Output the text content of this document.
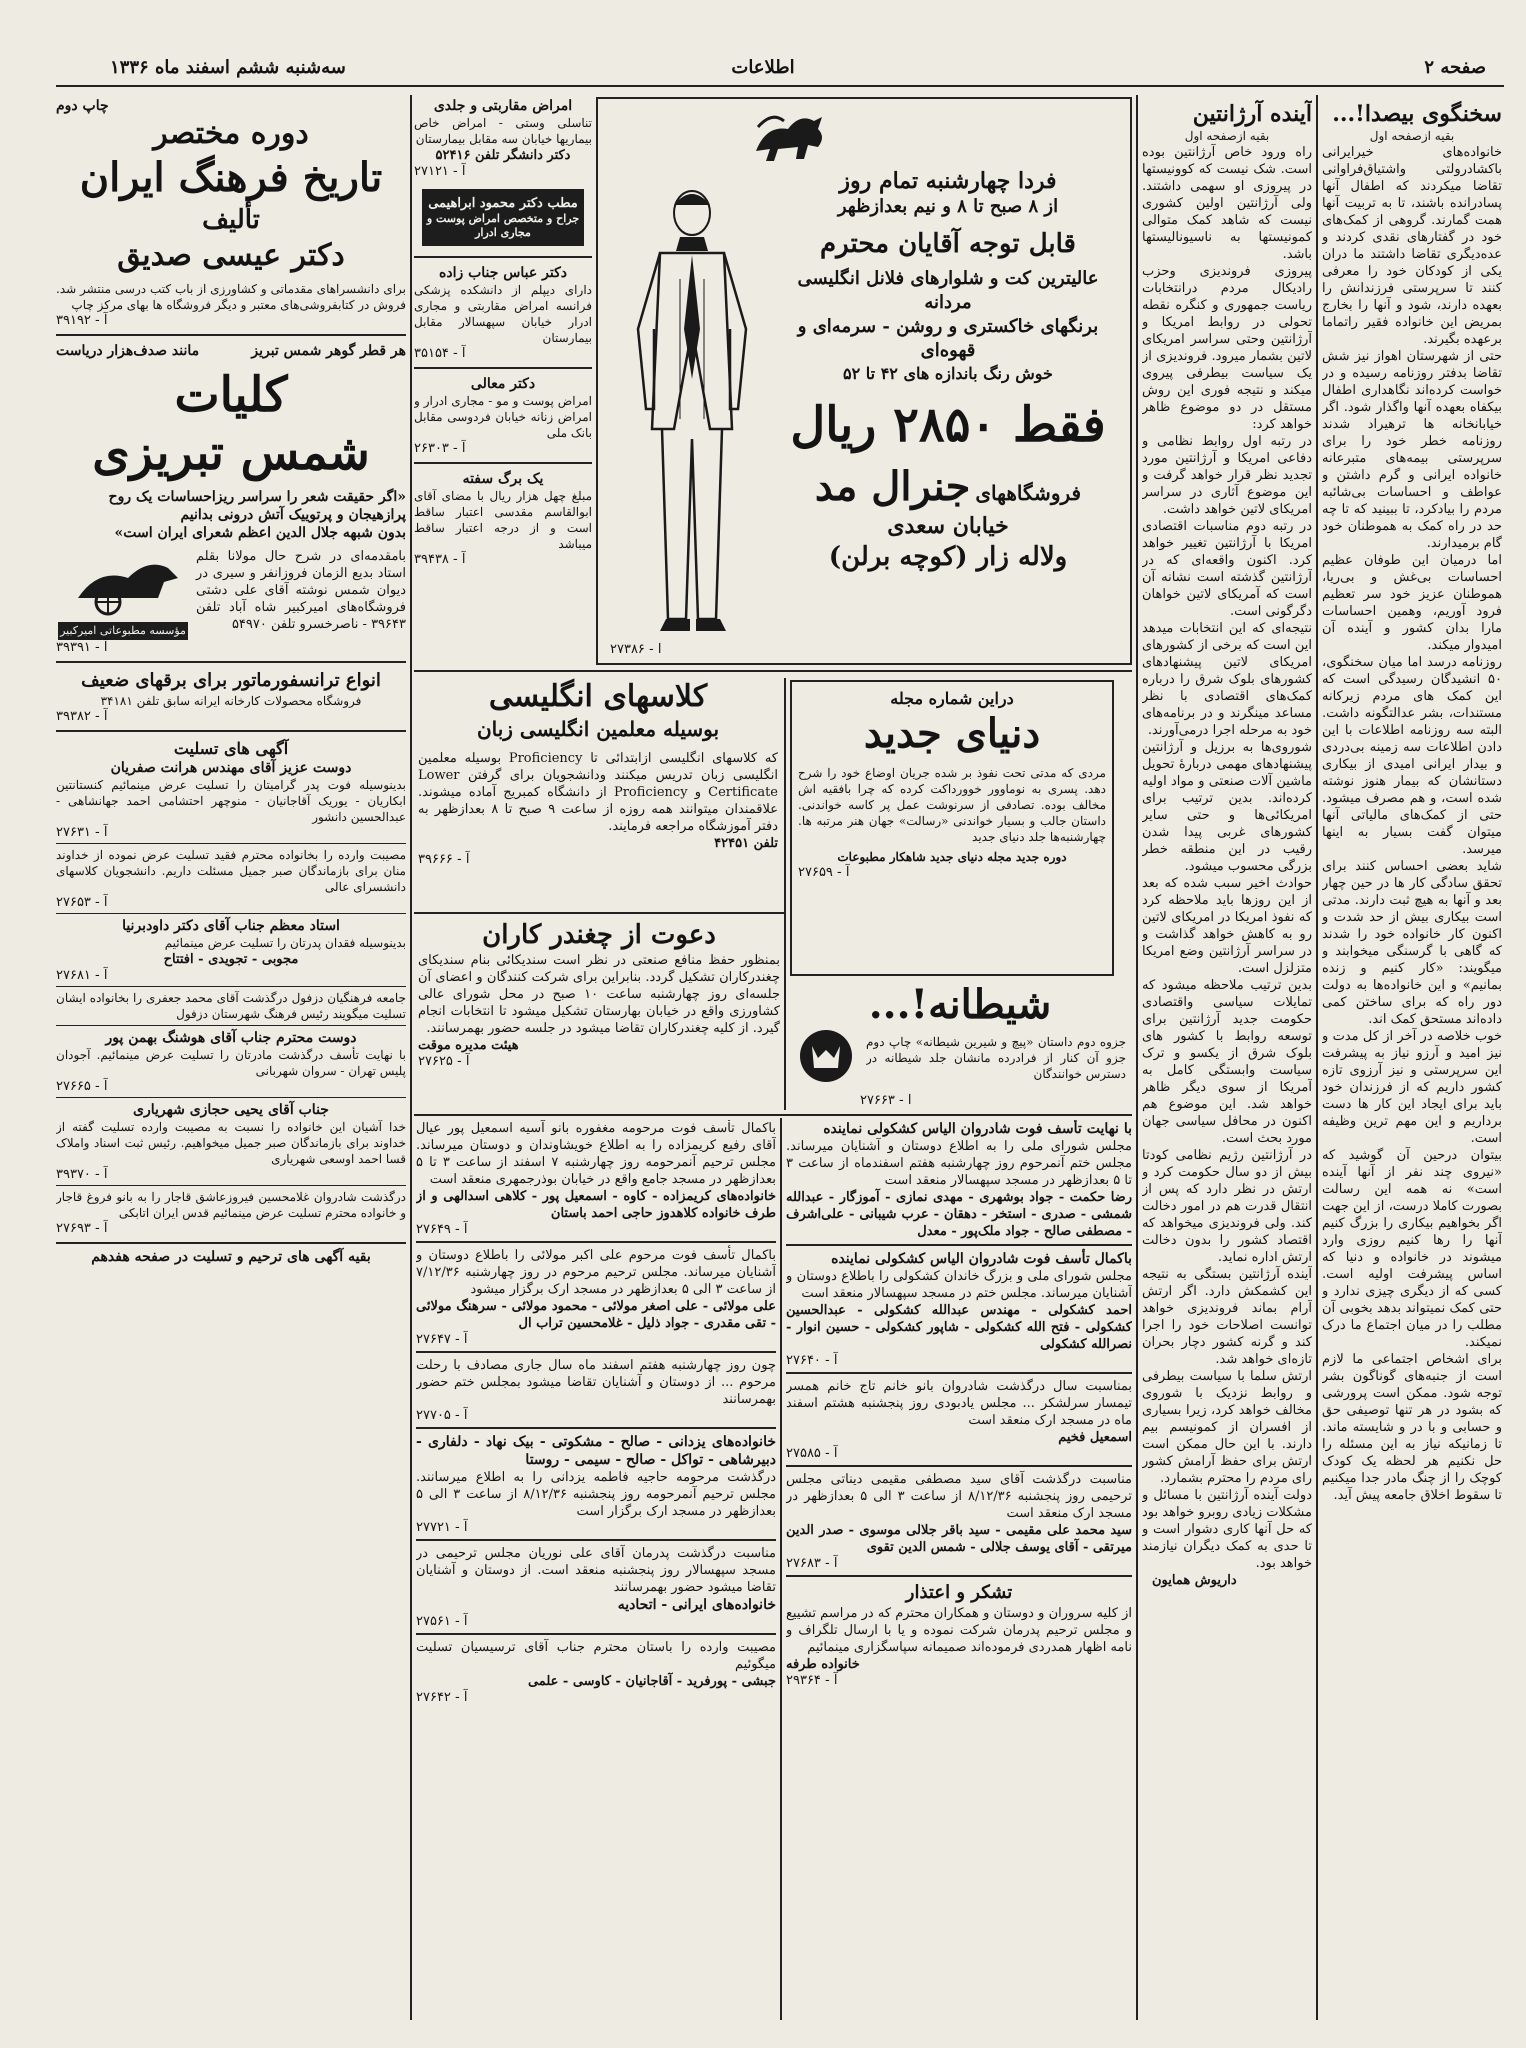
صفحه ۲
اطلاعات
سه‌شنبه ششم اسفند ماه ۱۳۳۶
سخنگوی بیصدا!...
بقیه ازصفحه اول
خانواده‌های خیرایرانی باکشادرولتی واشتیاق‌فراوانی تقاضا میکردند که اطفال آنها پسادرانده باشند، تا به تربیت آنها همت گمارند. گروهی از کمک‌های خود در گفتارهای نقدی کردند و عده‌دیگری تقاضا داشتند ما دران یکی از کودکان خود را معرفی کنند تا سرپرستی فرزندانش را بعهده دارند، شود و آنها را بخارج بمریض این خانواده فقیر راتماما برعهده بگیرند.
حتی از شهرستان اهواز نیز شش تقاضا بدفتر روزنامه رسیده و در خواست کرده‌اند نگاهداری اطفال بیکفاه بعهده آنها واگذار شود. اگر خیابانخانه ها ترهیراد شدند روزنامه خطر خود را برای سرپرستی بیمه‌های متبرعانه خانواده ایرانی و گرم داشتن و عواطف و احساسات بی‌شائبه مردم را بیادکرد، تا ببینید که تا چه حد در راه کمک به هموطنان خود گام برمیدارند.
اما درمیان این طوفان عظیم احساسات بی‌غش و بی‌ریا، هموطنان عزیز خود سر تعظیم فرود آوریم، وهمین احساسات مارا بدان کشور و آینده آن امیدوار میکند.
روزنامه درسد اما میان سخنگوی، ۵۰ انشیدگان رسیدگی است که این کمک های مردم زیرکانه مستندات، بشر عدالتگونه داشت. البته سه روزنامه اطلاعات با این دادن اطلاعات سه زمینه بی‌دردی و بیدار ایرانی امیدی از بیکاری دستانشان که بیمار هنوز نوشته شده است، و هم مصرف میشود. حتی از کمک‌های مالیاتی آنها میتوان گفت بسیار به اینها میرسد.
شاید بعضی احساس کنند برای تحقق سادگی کار ها در حین چهار بعد و آنها به هیچ ثبت دارند. مدتی است بیکاری بیش از حد شدت و اکنون کار خانواده خود را شدند که گاهی با گرسنگی میخوابند و میگویند: «کار کنیم و زنده بمانیم» و این خانواده‌ها به دولت دور راه که برای ساختن کمی داده‌اند مستحق کمک اند.
خوب خلاصه در آخر از کل مدت و نیز امید و آرزو نیاز به پیشرفت این سرپرستی و نیز آرزوی تازه کشور داریم که از فرزندان خود باید برای ایجاد این کار ها دست برداریم و این مهم ترین وظیفه است.
بیتوان درحین آن گوشید که «نیروی چند نفر از آنها آینده است» نه همه این رسالت بصورت کاملا درست، از این جهت اگر بخواهیم بیکاری را بزرگ کنیم آنها را رها کنیم روزی وارد میشوند در خانواده و دنیا که اساس پیشرفت اولیه است. کسی که از دیگری چیزی ندارد و حتی کمک نمیتواند بدهد بخوبی آن مطلب را در میان اجتماع ما درک نمیکند.
برای اشخاص اجتماعی ما لازم است از جنبه‌های گوناگون بشر توجه شود. ممکن است پرورشی که بشود در هر تنها توصیفی حق و حسابی و با در و شایسته ماند. تا زمانیکه نیاز به این مسئله را حل نکنیم هر لحظه یک کودک کوچک را از چنگ مادر جدا میکنیم تا سقوط اخلاق جامعه پیش آید.
آینده آرژانتین
بقیه ازصفحه اول
راه ورود خاص آرژانتین بوده است. شک نیست که کوونیستها در پیروزی او سهمی داشتند. ولی آرژانتین اولین کشوری نیست که شاهد کمک متوالی کمونیستها به ناسیونالیستها باشد.
پیروزی فروندیزی وحزب رادیکال مردم درانتخابات ریاست جمهوری و کنگره نقطه تحولی در روابط امریکا و آرژانتین وحتی سراسر امریکای لاتین بشمار میرود. فروندیزی از یک سیاست بیطرفی پیروی میکند و نتیجه فوری این روش مستقل در دو موضوع ظاهر خواهد کرد:
در رتبه اول روابط نظامی و دفاعی امریکا و آرژانتین مورد تجدید نظر قرار خواهد گرفت و این موضوع آثاری در سراسر امریکای لاتین خواهد داشت.
در رتبه دوم مناسبات اقتصادی امریکا با آرژانتین تغییر خواهد کرد. اکنون واقعه‌ای که در آرژانتین گذشته است نشانه آن است که آمریکای لاتین خواهان دگرگونی است.
نتیجه‌ای که این انتخابات میدهد این است که برخی از کشورهای امریکای لاتین پیشنهادهای کشورهای بلوک شرق را درباره کمک‌های اقتصادی با نظر مساعد مینگرند و در برنامه‌های خود به مرحله اجرا درمی‌آورند.
شوروی‌ها به برزیل و آرژانتین پیشنهادهای مهمی دربارهٔ تحویل ماشین آلات صنعتی و مواد اولیه کرده‌اند. بدین ترتیب برای امریکائی‌ها و حتی سایر کشورهای غربی پیدا شدن رقیب در این منطقه خطر بزرگی محسوب میشود.
حوادث اخیر سبب شده که بعد از این روزها باید ملاحظه کرد که نفوذ امریکا در امریکای لاتین رو به کاهش خواهد گذاشت و در سراسر آرژانتین وضع امریکا متزلزل است.
بدین ترتیب ملاحظه میشود که تمایلات سیاسی واقتصادی حکومت جدید آرژانتین برای توسعه روابط با کشور های بلوک شرق از یکسو و ترک سیاست وابستگی کامل به آمریکا از سوی دیگر ظاهر خواهد شد. این موضوع هم اکنون در محافل سیاسی جهان مورد بحث است.
در آرژانتین رژیم نظامی کودتا بیش از دو سال حکومت کرد و ارتش در نظر دارد که پس از انتقال قدرت هم در امور دخالت کند. ولی فروندیزی میخواهد که اقتصاد کشور را بدون دخالت ارتش اداره نماید.
آینده آرژانتین بستگی به نتیجه این کشمکش دارد. اگر ارتش آرام بماند فروندیزی خواهد توانست اصلاحات خود را اجرا کند و گرنه کشور دچار بحران تازه‌ای خواهد شد.
ارتش سلما با سیاست بیطرفی و روابط نزدیک با شوروی مخالف خواهد کرد، زیرا بسیاری از افسران از کمونیسم بیم دارند. با این حال ممکن است ارتش برای حفظ آرامش کشور رای مردم را محترم بشمارد.
دولت آینده آرژانتین با مسائل و مشکلات زیادی روبرو خواهد بود که حل آنها کاری دشوار است و تا حدی به کمک دیگران نیازمند خواهد بود.
داریوش همایون
فردا چهارشنبه تمام روز
از ۸ صبح تا ۸ و نیم بعدازظهر
قابل توجه آقایان محترم
عالیترین کت و شلوارهای فلانل انگلیسی مردانه
برنگهای خاکستری و روشن - سرمه‌ای و قهوه‌ای
خوش رنگ باندازه های ۴۲ تا ۵۲
فقط ۲۸۵۰ ریال
فروشگاههای جنرال مد
خیابان سعدی
ولاله زار (کوچه برلن)
آ - ۲۷۳۸۶
امراض مقاربتی و جلدی
تناسلی وستی - امراض خاص بیماریها خیابان سه مقابل بیمارستان
دکتر دانشگر تلفن ۵۲۴۱۶
آ - ۲۷۱۲۱
مطب دکتر محمود ابراهیمی
جراح و متخصص امراض پوست و مجاری ادرار
دکتر عباس جناب زاده
دارای دیپلم از دانشکده پزشکی فرانسه امراض مقاربتی و مجاری ادرار خیابان سپهسالار مقابل بیمارستان
آ - ۳۵۱۵۴
دکتر معالی
امراض پوست و مو - مجاری ادرار و امراض زنانه خیابان فردوسی مقابل بانک ملی
آ - ۲۶۳۰۳
یک برگ سفته
مبلغ چهل هزار ریال با مضای آقای ابوالقاسم مقدسی اعتبار ساقط است و از درجه اعتبار ساقط میباشد
آ - ۳۹۴۳۸
دراین شماره مجله
دنیای جدید
مردی که مدتی تحت نفوذ بر شده جریان اوضاع خود را شرح دهد. پسری به نوماوور خوورداکت کرده که چرا بافقیه اش مخالف بوده. تصادفی از سرنوشت عمل پر کاسه خواندنی. داستان جالب و بسیار خواندنی «رسالت» جهان هنر مرتبه ها. چهارشنبه‌ها جلد دنیای جدید
دوره جدید مجله دنیای جدید شاهکار مطبوعات
آ - ۲۷۶۵۹
کلاسهای انگلیسی
بوسیله معلمین انگلیسی زبان
که کلاسهای انگلیسی ازابتدائی تا Proficiency بوسیله معلمین انگلیسی زبان تدریس میکنند ودانشجویان برای گرفتن Lower Certificate و Proficiency از دانشگاه کمبریج آماده میشوند. علاقمندان میتوانند همه روزه از ساعت ۹ صبح تا ۸ بعدازظهر به دفتر آموزشگاه مراجعه فرمایند.
تلفن ۴۲۴۵۱
آ - ۳۹۶۶۶
شیطانه!...
جزوه دوم داستان «پیچ و شیرین شیطانه» چاپ دوم جزو آن کنار از فرادرده مانشان جلد شیطانه در دسترس خوانندگان
آ - ۲۷۶۶۳
دعوت از چغندر کاران
بمنظور حفظ منافع صنعتی در نظر است سندیکائی بنام سندیکای چغندرکاران تشکیل گردد. بنابراین برای شرکت کنندگان و اعضای آن جلسه‌ای روز چهارشنبه ساعت ۱۰ صبح در محل شورای عالی کشاورزی واقع در خیابان بهارستان تشکیل میشود تا انتخابات انجام گیرد. از کلیه چغندرکاران تقاضا میشود در جلسه حضور بهمرسانند.
هیئت مدیره موقت
آ - ۲۷۶۲۵
با نهایت تأسف فوت شادروان الیاس کشکولی نماینده
مجلس شورای ملی را به اطلاع دوستان و آشنایان میرساند. مجلس ختم آنمرحوم روز چهارشنبه هفتم اسفندماه از ساعت ۳ تا ۵ بعدازظهر در مسجد سپهسالار منعقد است
رضا حکمت - جواد بوشهری - مهدی نمازی - آموزگار - عبدالله شمشی - صدری - استخر - دهقان - عرب شیبانی - علی‌اشرف - مصطفی صالح - جواد ملک‌پور - معدل
باکمال تأسف فوت شادروان الیاس کشکولی نماینده
مجلس شورای ملی و بزرگ خاندان کشکولی را باطلاع دوستان و آشنایان میرساند. مجلس ختم در مسجد سپهسالار منعقد است
احمد کشکولی - مهندس عبدالله کشکولی - عبدالحسین کشکولی - فتح الله کشکولی - شاپور کشکولی - حسین انوار - نصرالله کشکولی
آ - ۲۷۶۴۰
بمناسبت سال درگذشت شادروان بانو خانم تاج خانم همسر تیمسار سرلشکر ... مجلس یادبودی روز پنجشنبه هشتم اسفند ماه در مسجد ارک منعقد است
اسمعیل فخیم
آ - ۲۷۵۸۵
مناسبت درگذشت آقای سید مصطفی مقیمی دیناتی مجلس ترحیمی روز پنجشنبه ۸/۱۲/۳۶ از ساعت ۳ الی ۵ بعدازظهر در مسجد ارک منعقد است
سید محمد علی مقیمی - سید باقر جلالی موسوی - صدر الدین میرتقی - آقای یوسف جلالی - شمس الدین تقوی
آ - ۲۷۶۸۳
تشکر و اعتذار
از کلیه سروران و دوستان و همکاران محترم که در مراسم تشییع و مجلس ترحیم پدرمان شرکت نموده و یا با ارسال تلگراف و نامه اظهار همدردی فرموده‌اند صمیمانه سپاسگزاری مینمائیم
خانواده طرفه
آ - ۲۹۳۶۴
باکمال تأسف فوت مرحومه مغفوره بانو آسیه اسمعیل پور عیال آقای رفیع کریمزاده را به اطلاع خویشاوندان و دوستان میرساند. مجلس ترحیم آنمرحومه روز چهارشنبه ۷ اسفند از ساعت ۳ تا ۵ بعدازظهر در مسجد جامع واقع در خیابان بوذرجمهری منعقد است
خانواده‌های کریمزاده - کاوه - اسمعیل پور - کلاهی اسدالهی و از طرف خانواده کلاهدوز حاجی احمد باستان
آ - ۲۷۶۴۹
باکمال تأسف فوت مرحوم علی اکبر مولائی را باطلاع دوستان و آشنایان میرساند. مجلس ترحیم مرحوم در روز چهارشنبه ۷/۱۲/۳۶ از ساعت ۳ الی ۵ بعدازظهر در مسجد ارک برگزار میشود
علی مولائی - علی اصغر مولائی - محمود مولائی - سرهنگ مولائی - تقی مقدری - جواد ذلیل - غلامحسین تراب ال
آ - ۲۷۶۴۷
چون روز چهارشنبه هفتم اسفند ماه سال جاری مصادف با رحلت مرحوم ... از دوستان و آشنایان تقاضا میشود بمجلس ختم حضور بهمرسانند
آ - ۲۷۷۰۵
خانواده‌های یزدانی - صالح - مشکوتی - بیک نهاد - دلفاری - دبیرشاهی - تواکل - صالح - سیمی - روستا
درگذشت مرحومه حاجیه فاطمه یزدانی را به اطلاع میرسانند. مجلس ترحیم آنمرحومه روز پنجشنبه ۸/۱۲/۳۶ از ساعت ۳ الی ۵ بعدازظهر در مسجد ارک برگزار است
آ - ۲۷۷۲۱
مناسبت درگذشت پدرمان آقای علی نوریان مجلس ترحیمی در مسجد سپهسالار روز پنجشنبه منعقد است. از دوستان و آشنایان تقاضا میشود حضور بهمرسانند
خانواده‌های ایرانی - اتحادیه
آ - ۲۷۵۶۱
مصیبت وارده را باستان محترم جناب آقای ترسیسیان تسلیت میگوئیم
جبشی - پورفرید - آقاجانیان - کاوسی - علمی
آ - ۲۷۶۴۲
چاپ دوم
دوره مختصر
تاریخ فرهنگ ایران
تألیف
دکتر عیسی صدیق
برای دانشسراهای مقدماتی و کشاورزی از باب کتب درسی منتشر شد. فروش در کتابفروشی‌های معتبر و دیگر فروشگاه ها بهای مرکز چاپ
آ - ۳۹۱۹۲
هر قطر گوهر شمس تبریز
مانند صدف‌هزار دریاست
کلیات
شمس تبریزی
«اگر حقیقت شعر را سراسر ریزاحساسات یک روح
پرازهیجان و پرتوییک آتش درونی بدانیم
بدون شبهه جلال الدین اعظم شعرای ایران است»
بامقدمه‌ای در شرح حال مولانا بقلم استاد بدیع الزمان فروزانفر و سیری در دیوان شمس نوشته آقای علی دشتی فروشگاه‌های امیرکبیر شاه آباد تلفن ۳۹۶۴۳ - ناصرخسرو تلفن ۵۴۹۷۰
مؤسسه مطبوعاتی امیرکبیر
آ - ۳۹۳۹۱
انواع ترانسفورماتور برای برقهای ضعیف
فروشگاه محصولات کارخانه ایرانه سابق تلفن ۳۴۱۸۱
آ - ۳۹۳۸۲
آگهی های تسلیت
دوست عزیز آقای مهندس هرانت صفریان
بدینوسیله فوت پدر گرامیتان را تسلیت عرض مینمائیم کنستانتین ابکاریان - یوریک آقاجانیان - منوچهر احتشامی احمد جهانشاهی - عبدالحسین دانشور
آ - ۲۷۶۳۱
مصیبت وارده را بخانواده محترم فقید تسلیت عرض نموده از خداوند منان برای بازماندگان صبر جمیل مسئلت داریم. دانشجویان کلاسهای دانشسرای عالی
آ - ۲۷۶۵۳
استاد معظم جناب آقای دکتر داودبرنیا
بدینوسیله فقدان پدرتان را تسلیت عرض مینمائیم
مجوبی - تجویدی - افتتاح
آ - ۲۷۶۸۱
جامعه فرهنگیان دزفول درگذشت آقای محمد جعفری را بخانواده ایشان تسلیت میگویند رئیس فرهنگ شهرستان دزفول
دوست محترم جناب آقای هوشنگ بهمن پور
با نهایت تأسف درگذشت مادرتان را تسلیت عرض مینمائیم. آجودان پلیس تهران - سروان شهربانی
آ - ۲۷۶۶۵
جناب آقای یحیی حجازی شهریاری
خدا آشیان این خانواده را نسبت به مصیبت وارده تسلیت گفته از خداوند برای بازماندگان صبر جمیل میخواهیم. رئیس ثبت اسناد واملاک قسا احمد اوسعی شهریاری
آ - ۳۹۳۷۰
درگذشت شادروان غلامحسین فیروزعاشق قاجار را به بانو فروغ قاجار و خانواده محترم تسلیت عرض مینمائیم قدس ایران اتابکی
آ - ۲۷۶۹۳
بقیه آگهی های ترحیم و تسلیت در صفحه هفدهم
